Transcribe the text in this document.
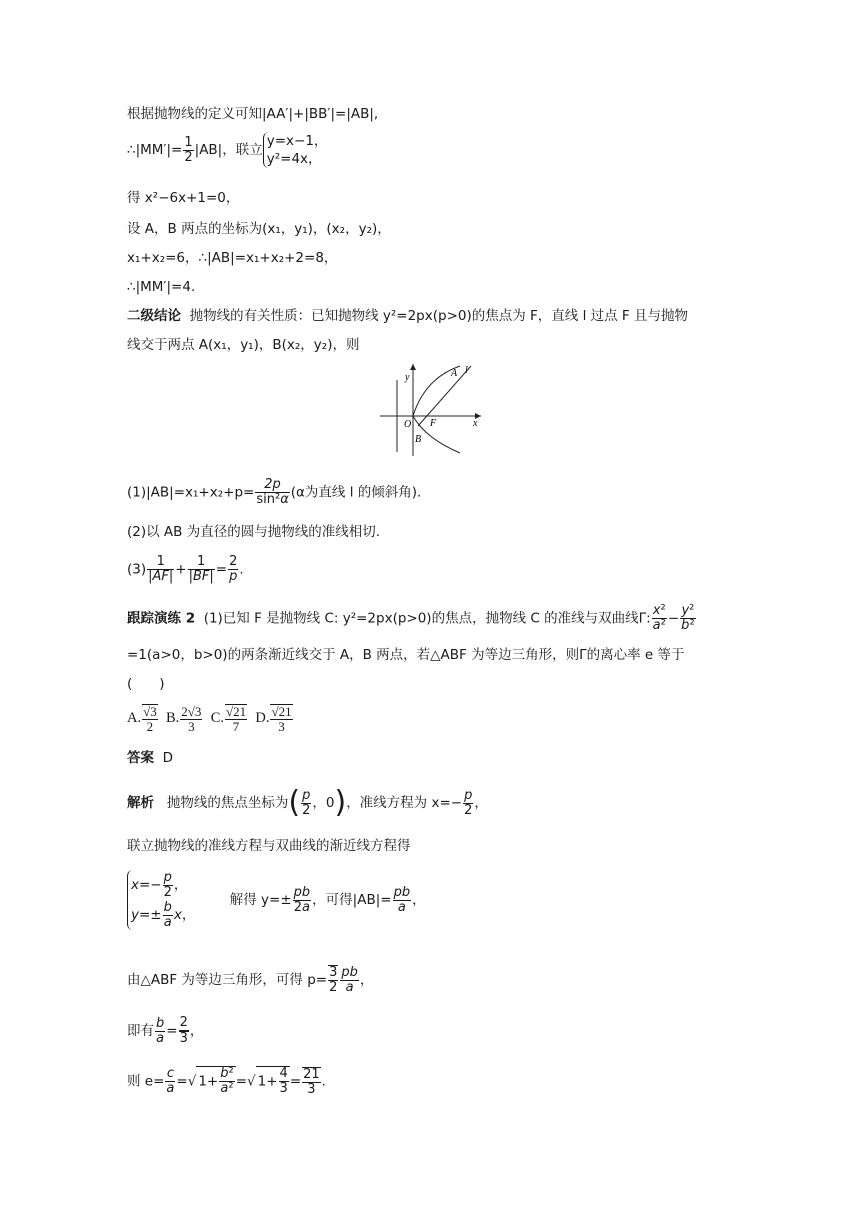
根据抛物线的定义可知|AA′|+|BB′|=|AB|,
∴|MM′|= $\frac{1}{2} |AB|$，联立
y=x−1，
y²=4x，
得 x²−6x+1=0，
设 A，B 两点的坐标为(x₁，y₁)，(x₂，y₂)，
x₁+x₂=6，∴|AB|=x₁+x₂+2=8，
∴|MM′|=4.
二级结论 抛物线的有关性质：已知抛物线 y²=2px(p>0)的焦点为 F，直线 l 过点 F 且与抛物
线交于两点 A(x₁，y₁)，B(x₂，y₂)，则
y
x
O F
A
B
l
$(1)|AB|=x_1+x_2+p= \frac{2p}{\text{sin²α}} (\alpha$为直线 l 的倾斜角).
(2)以 AB 为直径的圆与抛物线的准线相切.
$(3) \frac{1}{|AF|} + \frac{1}{|BF|} = \frac{2}{p}$ .
跟踪演练 2 (1)已知 F 是抛物线 C: y²=2px(p>0)的焦点，抛物线 C 的准线与双曲线Γ: $\frac{\text{x²}}{\text{a²}} - \frac{\text{y²}}{\text{b²}}$
=1(a>0，b>0)的两条渐近线交于 A，B 两点，若△ABF 为等边三角形，则Γ的离心率 e 等于
(　　)
A. $\frac{√3}{2} B$. $\frac{2√3}{3} C$. $\frac{√21}{7} D$. $\frac{√21}{3}$
答案 D
解析 抛物线的焦点坐标为( $\frac{p}{2}$ ，0)，准线方程为 $x=- \frac{p}{2}$ ，
联立抛物线的准线方程与双曲线的渐近线方程得
$x=- \frac{p}{2}$ ，
$y=\pm \frac{b}{a}$ x，
解得 $y=\pm \frac{pb}{2a}$ ，可得$|AB|= \frac{pb}{a}$ ，
由△ABF 为等边三角形，可得 $p= \frac{3}{2} \frac{pb}{a}$ ，
即有 $\frac{b}{a} = \frac{2}{3}$ ，
则 $e= \frac{c}{a}$ =√ $1+ \frac{\text{b²}}{\text{a²}}$ =√ $1+ \frac{4}{3} = \frac{21}{3}$ .
